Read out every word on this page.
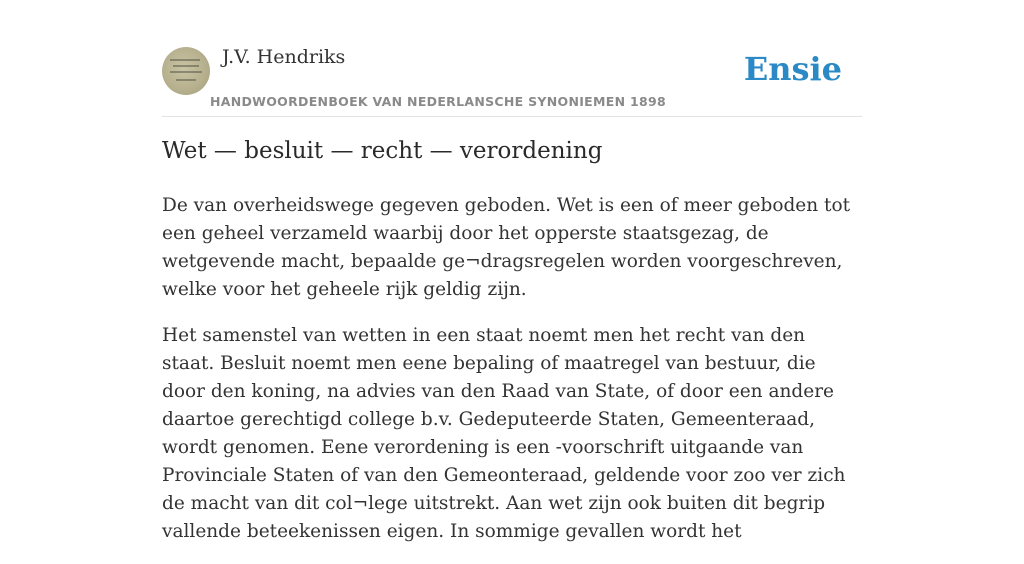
J.V. Hendriks
HANDWOORDENBOEK VAN NEDERLANSCHE SYNONIEMEN 1898
Ensie
Wet — besluit — recht — verordening

De van overheidswege gegeven geboden. Wet is een of meer geboden tot een geheel verzameld waarbij door het opperste staatsgezag, de wetgevende macht, bepaalde ge¬dragsregelen worden voorgeschreven, welke voor het geheele rijk geldig zijn.

Het samenstel van wetten in een staat noemt men het recht van den staat. Besluit noemt men eene bepaling of maatregel van bestuur, die door den koning, na advies van den Raad van State, of door een andere daartoe gerechtigd college b.v. Gedeputeerde Staten, Gemeenteraad, wordt genomen. Eene verordening is een -voorschrift uitgaande van Provinciale Staten of van den Gemeonteraad, geldende voor zoo ver zich de macht van dit col¬lege uitstrekt. Aan wet zijn ook buiten dit begrip vallende beteekenissen eigen. In sommige gevallen wordt het
